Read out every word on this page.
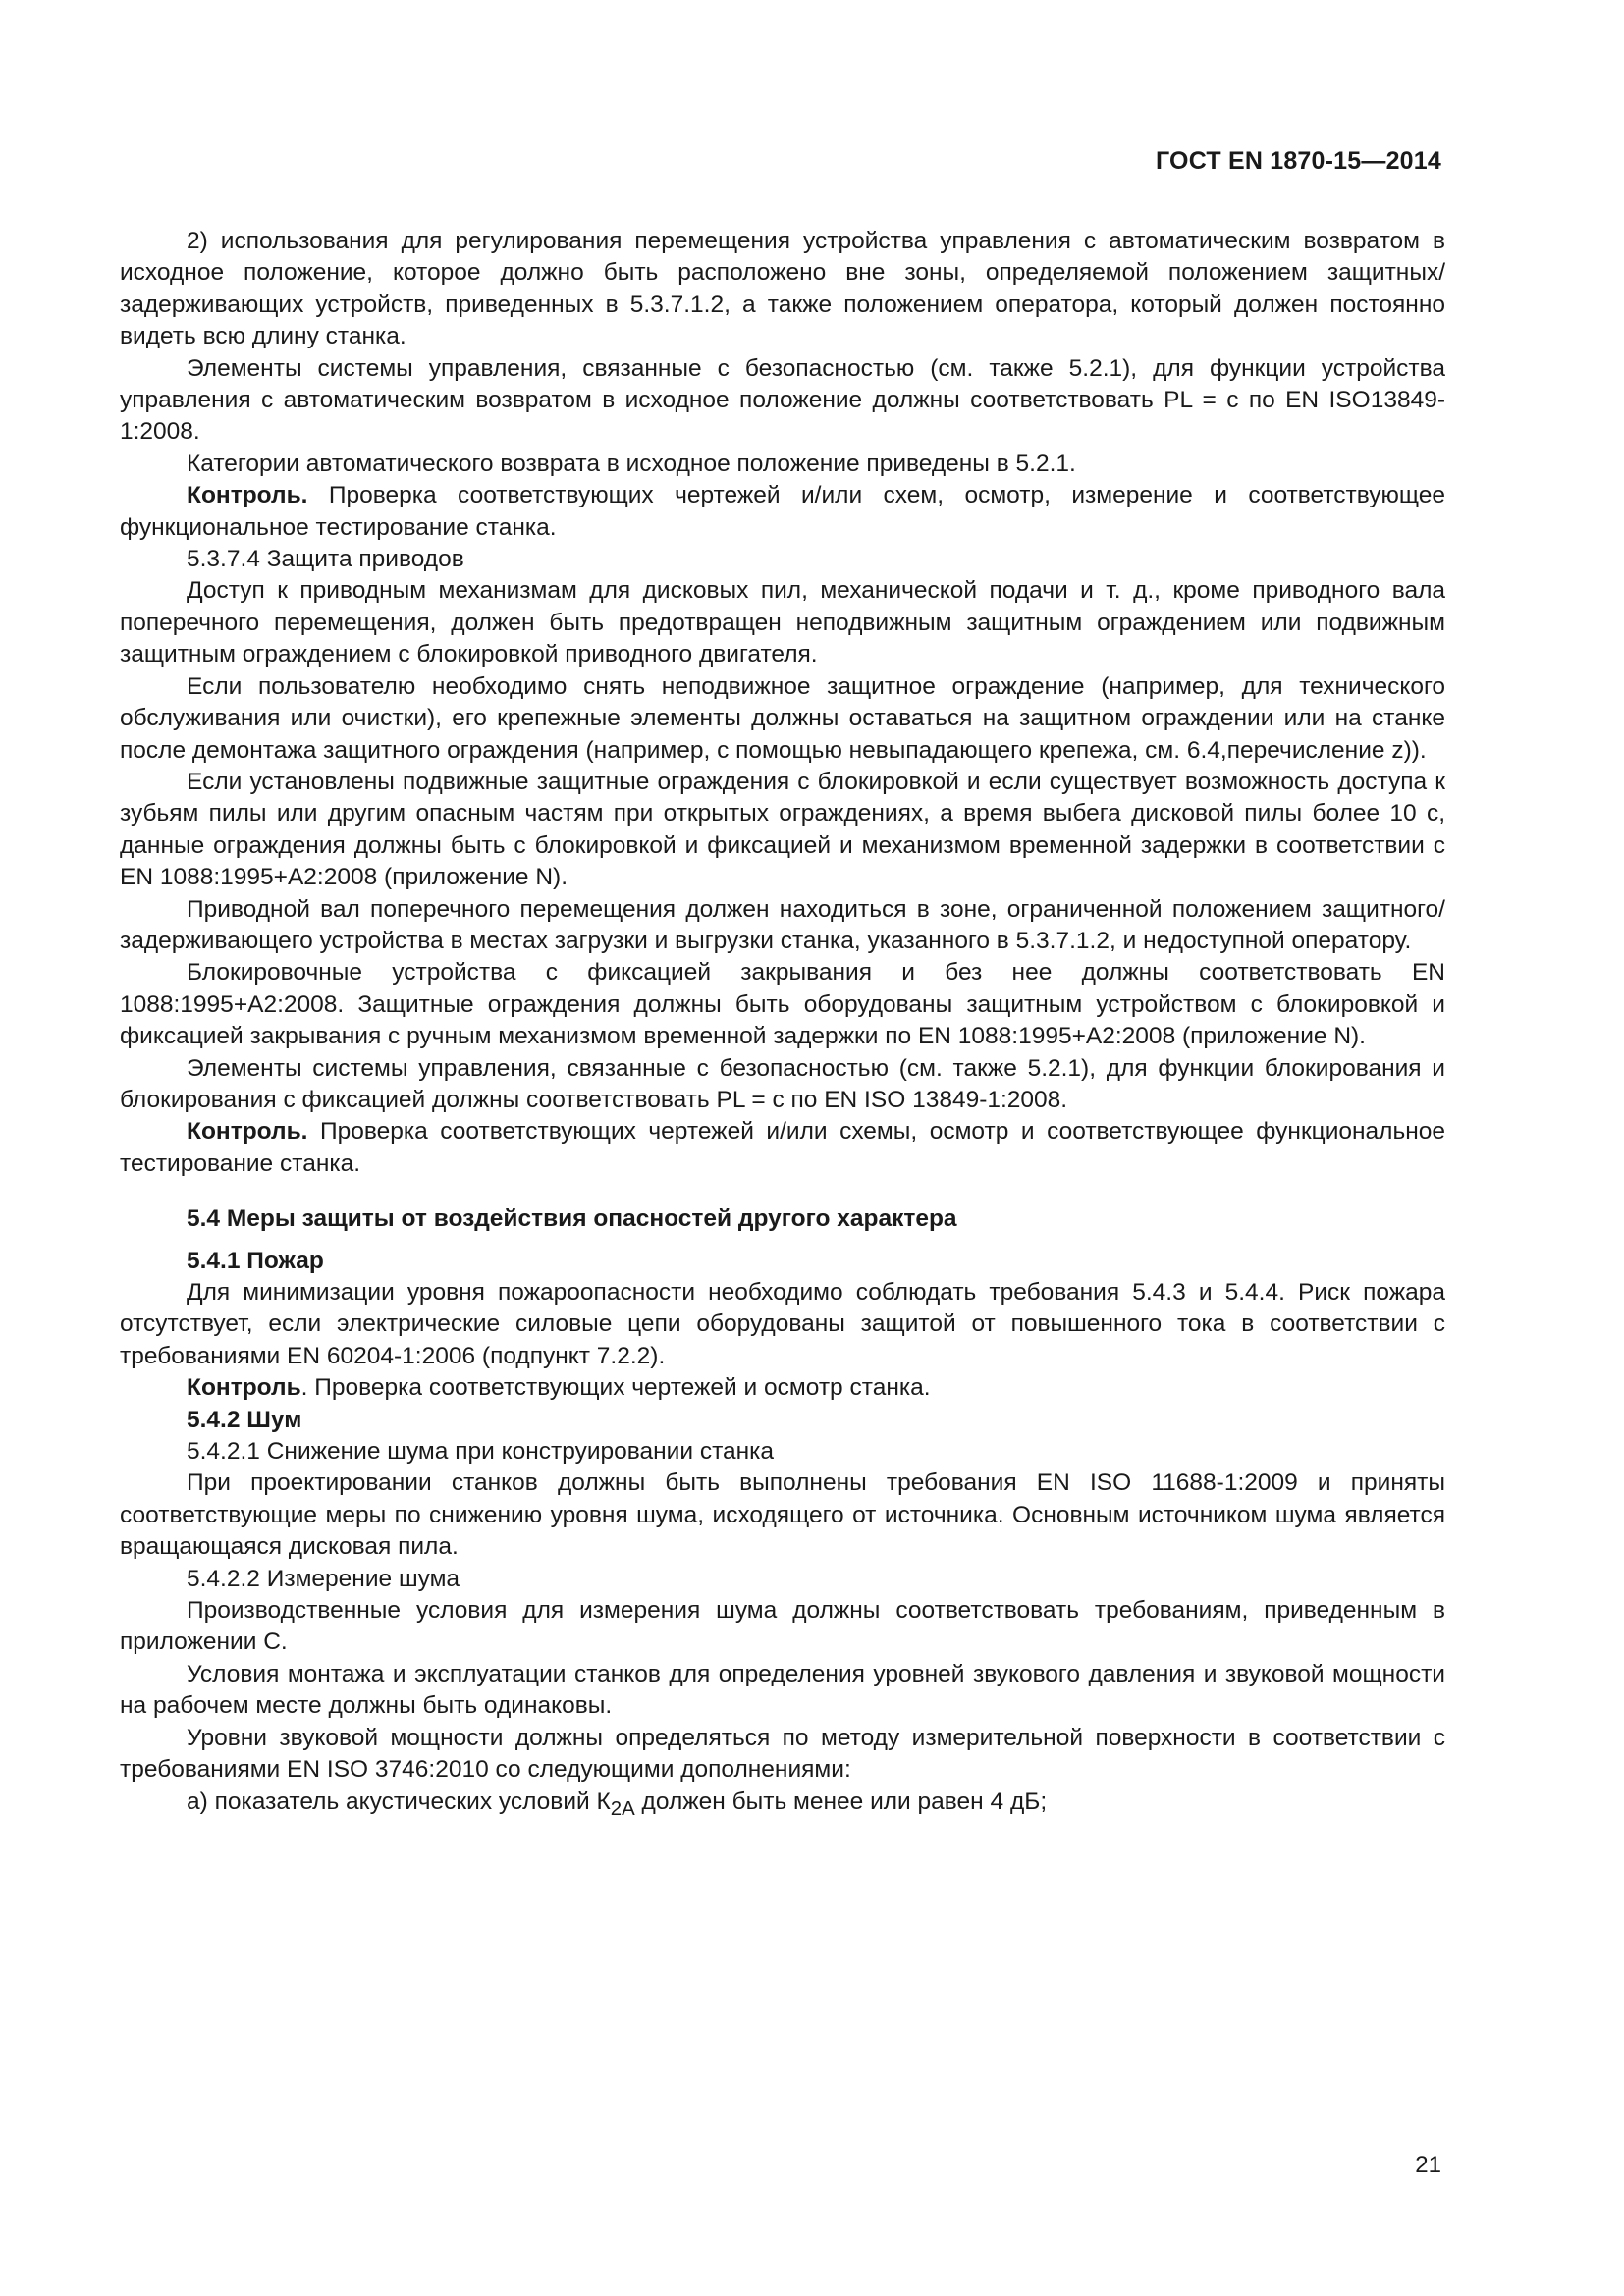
ГОСТ EN 1870-15—2014

2) использования для регулирования перемещения устройства управления с автоматическим возвратом в исходное положение, которое должно быть расположено вне зоны, определяемой положением защитных/задерживающих устройств, приведенных в 5.3.7.1.2, а также положением оператора, который должен постоянно видеть всю длину станка.

Элементы системы управления, связанные с безопасностью (см. также 5.2.1), для функции устройства управления с автоматическим возвратом в исходное положение должны соответствовать PL = с по EN ISO13849-1:2008.

Категории автоматического возврата в исходное положение приведены в 5.2.1.

Контроль. Проверка соответствующих чертежей и/или схем, осмотр, измерение и соответствующее функциональное тестирование станка.

5.3.7.4 Защита приводов

Доступ к приводным механизмам для дисковых пил, механической подачи и т. д., кроме приводного вала поперечного перемещения, должен быть предотвращен неподвижным защитным ограждением или подвижным защитным ограждением с блокировкой приводного двигателя.

Если пользователю необходимо снять неподвижное защитное ограждение (например, для технического обслуживания или очистки), его крепежные элементы должны оставаться на защитном ограждении или на станке после демонтажа защитного ограждения (например, с помощью невыпадающего крепежа, см. 6.4,перечисление z)).

Если установлены подвижные защитные ограждения с блокировкой и если существует возможность доступа к зубьям пилы или другим опасным частям при открытых ограждениях, а время выбега дисковой пилы более 10 с, данные ограждения должны быть с блокировкой и фиксацией и механизмом временной задержки в соответствии с EN 1088:1995+A2:2008 (приложение N).

Приводной вал поперечного перемещения должен находиться в зоне, ограниченной положением защитного/задерживающего устройства в местах загрузки и выгрузки станка, указанного в 5.3.7.1.2, и недоступной оператору.

Блокировочные устройства с фиксацией закрывания и без нее должны соответствовать EN 1088:1995+A2:2008. Защитные ограждения должны быть оборудованы защитным устройством с блокировкой и фиксацией закрывания с ручным механизмом временной задержки по EN 1088:1995+A2:2008 (приложение N).

Элементы системы управления, связанные с безопасностью (см. также 5.2.1), для функции блокирования и блокирования с фиксацией должны соответствовать PL = с по EN ISO 13849-1:2008.

Контроль. Проверка соответствующих чертежей и/или схемы, осмотр и соответствующее функциональное тестирование станка.

5.4 Меры защиты от воздействия опасностей другого характера
5.4.1 Пожар

Для минимизации уровня пожароопасности необходимо соблюдать требования 5.4.3 и 5.4.4. Риск пожара отсутствует, если электрические силовые цепи оборудованы защитой от повышенного тока в соответствии с требованиями EN 60204-1:2006 (подпункт 7.2.2).

Контроль. Проверка соответствующих чертежей и осмотр станка.

5.4.2 Шум

5.4.2.1 Снижение шума при конструировании станка

При проектировании станков должны быть выполнены требования EN ISO 11688-1:2009 и приняты соответствующие меры по снижению уровня шума, исходящего от источника. Основным источником шума является вращающаяся дисковая пила.

5.4.2.2 Измерение шума

Производственные условия для измерения шума должны соответствовать требованиям, приведенным в приложении С.

Условия монтажа и эксплуатации станков для определения уровней звукового давления и звуковой мощности на рабочем месте должны быть одинаковы.

Уровни звуковой мощности должны определяться по методу измерительной поверхности в соответствии с требованиями EN ISO 3746:2010 со следующими дополнениями:

а) показатель акустических условий $К_{2A}$ должен быть менее или равен 4 дБ;

21
